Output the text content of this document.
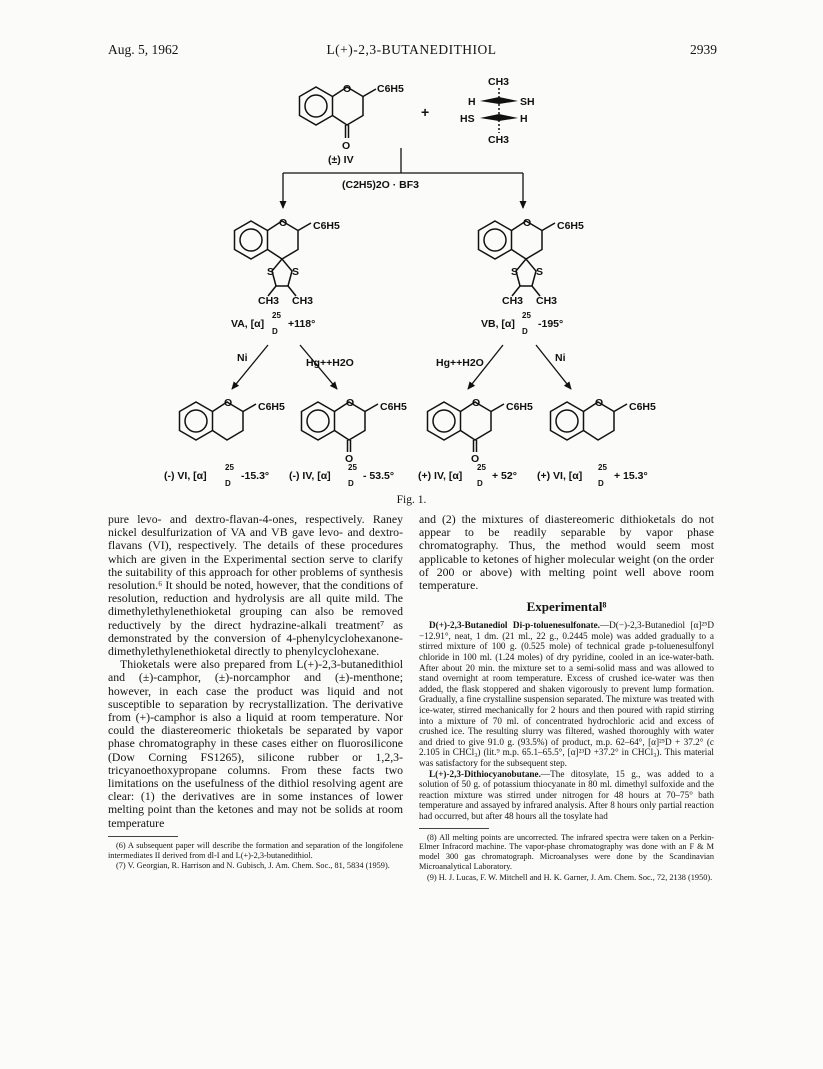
Aug. 5, 1962	L(+)-2,3-BUTANEDITHIOL	2939
O C6H5
O
(±) IV
+
CH3
H	SH
HS	H
CH3
(C2H5)2O · BF3
O C6H5
S S
CH3 CH3
VA, [α]
25
D
+118°
O C6H5
S S
CH3 CH3
VB, [α]
25
D
-195°
Ni	Hg++H2O	Hg++H2O	Ni
O C6H5	O C6H5
O
O C6H5
O
O C6H5
(-) VI, [α]
25
D
-15.3° (-) IV, [α]
25
D
- 53.5° (+) IV, [α]
25
D
+ 52° (+) VI, [α]
25
D
+ 15.3°
Fig. 1.

pure levo- and dextro-flavan-4-ones, respectively. Raney nickel desulfurization of VA and VB gave levo- and dextro-flavans (VI), respectively. The details of these procedures which are given in the Experimental section serve to clarify the suitability of this approach for other problems of synthesis resolution.⁶ It should be noted, however, that the conditions of resolution, reduction and hydrolysis are all quite mild. The dimethylethylenethioketal grouping can also be removed reductively by the direct hydrazine-alkali treatment⁷ as demonstrated by the conversion of 4-phenylcyclohexanone-dimethylethylenethioketal directly to phenylcyclohexane.

Thioketals were also prepared from L(+)-2,3-butanedithiol and (±)-camphor, (±)-norcamphor and (±)-menthone; however, in each case the product was liquid and not susceptible to separation by recrystallization. The derivative from (+)-camphor is also a liquid at room temperature. Nor could the diastereomeric thioketals be separated by vapor phase chromatography in these cases either on fluorosilicone (Dow Corning FS1265), silicone rubber or 1,2,3-tricyanoethoxypropane columns. From these facts two limitations on the usefulness of the dithiol resolving agent are clear: (1) the derivatives are in some instances of lower melting point than the ketones and may not be solids at room temperature

(6) A subsequent paper will describe the formation and separation of the longifolene intermediates II derived from dl-I and L(+)-2,3-butanedithiol.

(7) V. Georgian, R. Harrison and N. Gubisch, J. Am. Chem. Soc., 81, 5834 (1959).

and (2) the mixtures of diastereomeric dithioketals do not appear to be readily separable by vapor phase chromatography. Thus, the method would seem most applicable to ketones of higher molecular weight (on the order of 200 or above) with melting point well above room temperature.

Experimental⁸

D(+)-2,3-Butanediol Di-p-toluenesulfonate.—D(−)-2,3-Butanediol [α]²⁵D −12.91°, neat, 1 dm. (21 ml., 22 g., 0.2445 mole) was added gradually to a stirred mixture of 100 g. (0.525 mole) of technical grade p-toluenesulfonyl chloride in 100 ml. (1.24 moles) of dry pyridine, cooled in an ice-water-bath. After about 20 min. the mixture set to a semi-solid mass and was allowed to stand overnight at room temperature. Excess of crushed ice-water was then added, the flask stoppered and shaken vigorously to prevent lump formation. Gradually, a fine crystalline suspension separated. The mixture was treated with ice-water, stirred mechanically for 2 hours and then poured with rapid stirring into a mixture of 70 ml. of concentrated hydrochloric acid and excess of crushed ice. The resulting slurry was filtered, washed thoroughly with water and dried to give 91.0 g. (93.5%) of product, m.p. 62–64°, [α]²⁵D + 37.2° (c 2.105 in CHCl₃) (lit.⁹ m.p. 65.1–65.5°, [α]²³D +37.2° in CHCl₃). This material was satisfactory for the subsequent step.

L(+)-2,3-Dithiocyanobutane.—The ditosylate, 15 g., was added to a solution of 50 g. of potassium thiocyanate in 80 ml. dimethyl sulfoxide and the reaction mixture was stirred under nitrogen for 48 hours at 70–75° bath temperature and assayed by infrared analysis. After 8 hours only partial reaction had occurred, but after 48 hours all the tosylate had

(8) All melting points are uncorrected. The infrared spectra were taken on a Perkin-Elmer Infracord machine. The vapor-phase chromatography was done with an F & M model 300 gas chromatograph. Microanalyses were done by the Scandinavian Microanalytical Laboratory.

(9) H. J. Lucas, F. W. Mitchell and H. K. Garner, J. Am. Chem. Soc., 72, 2138 (1950).
